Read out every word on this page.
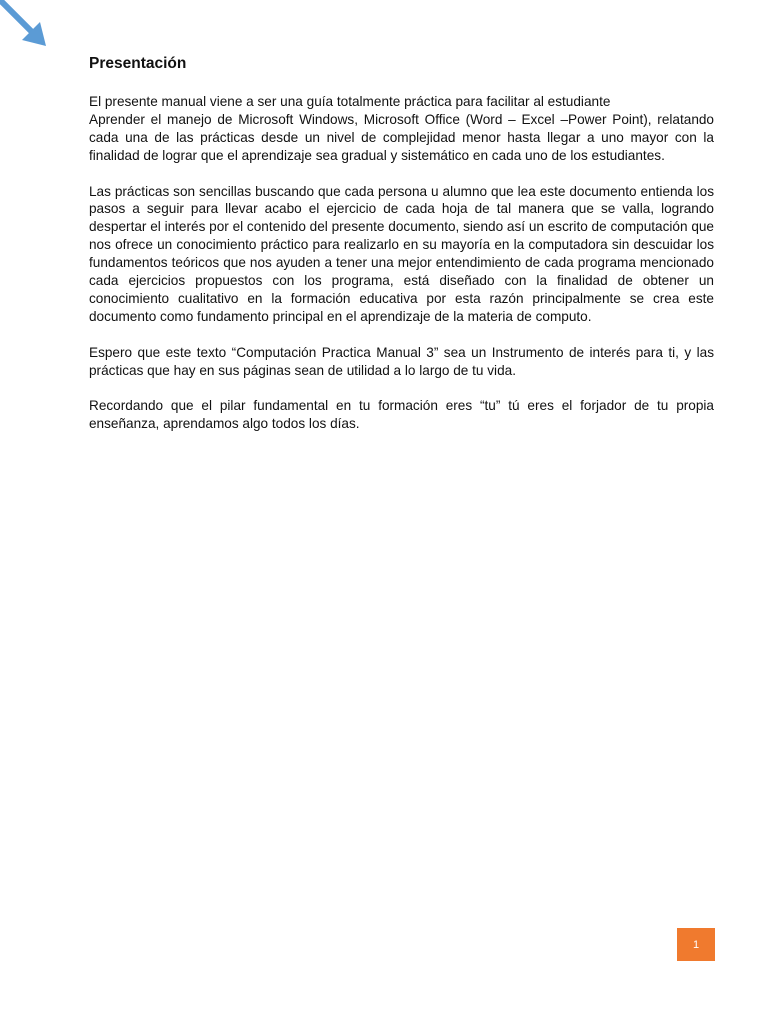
Presentación
El presente manual viene a ser una guía totalmente práctica para facilitar al estudiante
Aprender el manejo de Microsoft Windows, Microsoft Office (Word – Excel –Power Point), relatando cada una de las prácticas desde un nivel de complejidad menor hasta llegar a uno mayor con la finalidad de lograr que el aprendizaje sea gradual y sistemático en cada uno de los estudiantes.
Las prácticas son sencillas buscando que cada persona u alumno que lea este documento entienda los pasos a seguir para llevar acabo el ejercicio de cada hoja de tal manera que se valla, logrando despertar el interés por el contenido del presente documento, siendo así un escrito de computación que nos ofrece un conocimiento práctico para realizarlo en su mayoría en la computadora sin descuidar los fundamentos teóricos que nos ayuden a tener una mejor entendimiento de cada programa mencionado cada ejercicios propuestos con los programa, está diseñado con la finalidad de obtener un conocimiento cualitativo en la formación educativa por esta razón principalmente se crea este documento como fundamento principal en el aprendizaje de la materia de computo.
Espero que este texto “Computación Practica Manual 3” sea un Instrumento de interés para ti, y las prácticas que hay en sus páginas sean de utilidad a lo largo de tu vida.
Recordando que el pilar fundamental en tu formación eres “tu” tú eres el forjador de tu propia enseñanza, aprendamos algo todos los días.
1
